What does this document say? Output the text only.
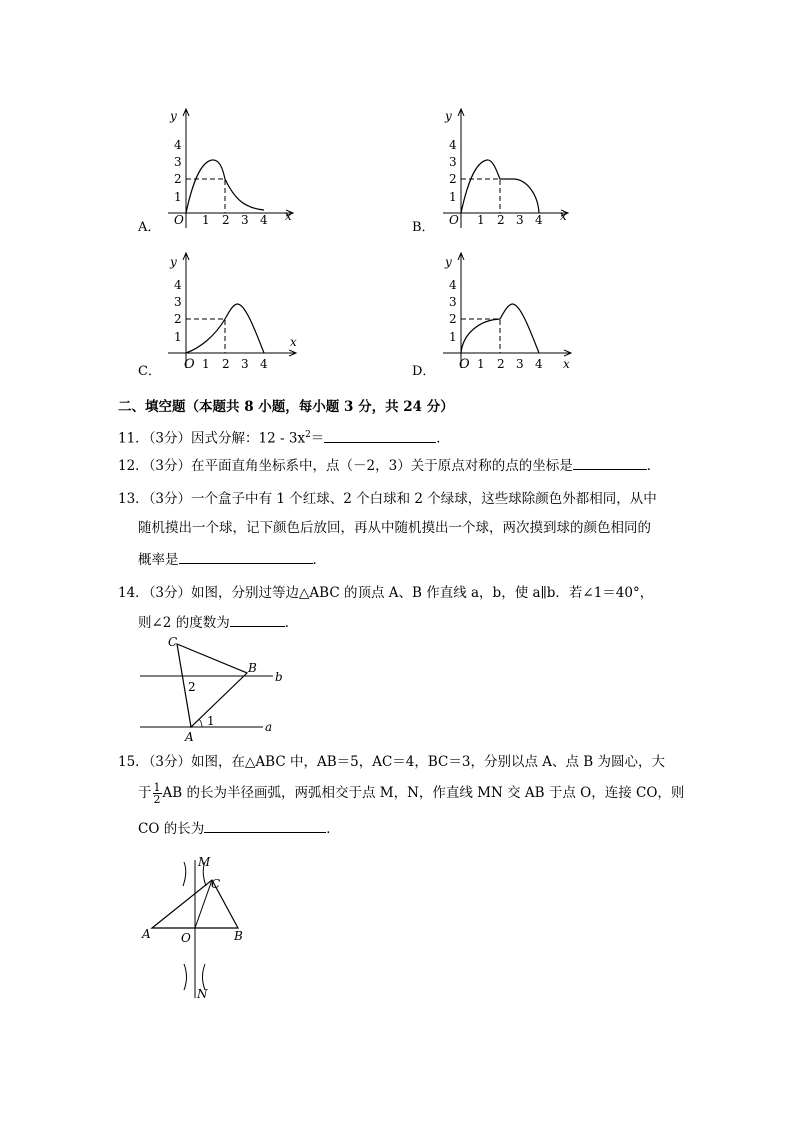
y
x
O 1 2 3 4
1
2
3
4
A．
y
x
O 1 2 3 4
1
2
3
4
B．
y
x
O 1 2 3 4
1
2
3
4
C．
y
x
O 1 2 3 4
1
2
3
4
D．
二、填空题（本题共 8 小题，每小题 3 分，共 24 分）
11．（3分）因式分解：$12 - 3x^2=$	．
12．（3分）在平面直角坐标系中，点（－2，3）关于原点对称的点的坐标是	．
13．（3分）一个盒子中有 1 个红球、2 个白球和 2 个绿球，这些球除颜色外都相同，从中
随机摸出一个球，记下颜色后放回，再从中随机摸出一个球，两次摸到球的颜色相同的
概率是	．
14．（3分）如图，分别过等边△ABC 的顶点 A、B 作直线 a，b，使 a∥b．若∠1＝40°，
则∠2 的度数为	．
C
B
A
b
a
1
2
15．（3分）如图，在△ABC 中，AB＝5，AC＝4，BC＝3，分别以点 A、点 B 为圆心，大
于 $\frac{1}{2}$ AB 的长为半径画弧，两弧相交于点 M，N，作直线 MN 交 AB 于点 O，连接 CO，则
CO 的长为	．
M
C
A	O	B
N
